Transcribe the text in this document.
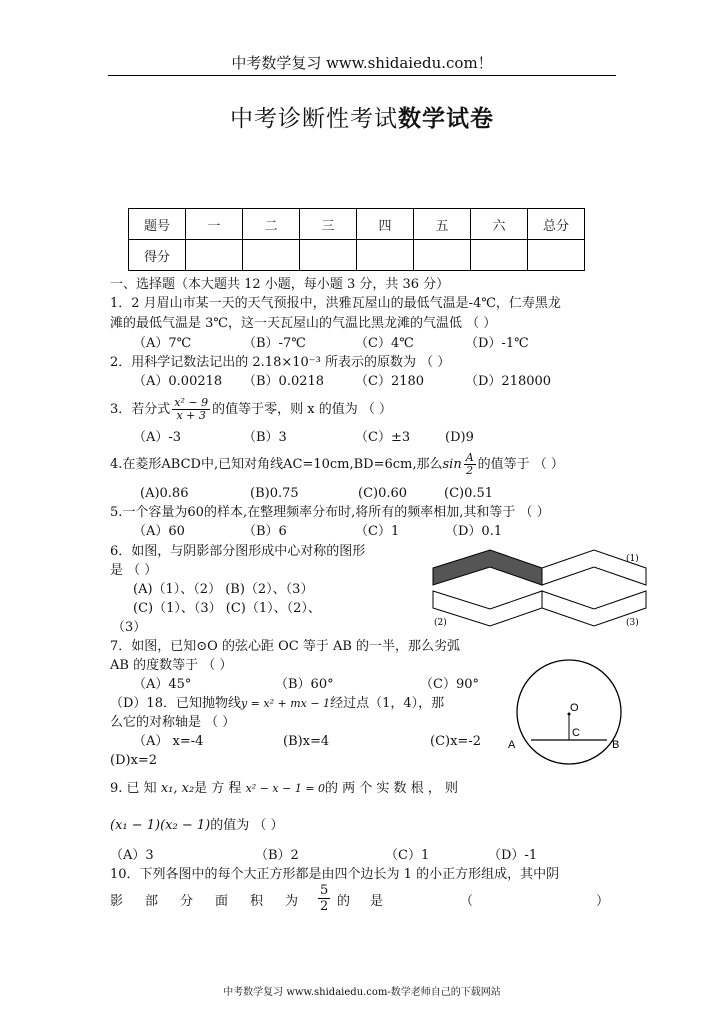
中考数学复习 www.shidaiedu.com！
中考诊断性考试数学试卷
题号	一	二	三	四	五	六	总分
得分							
一、选择题（本大题共 12 小题，每小题 3 分，共 36 分）
1．2 月眉山市某一天的天气预报中，洪雅瓦屋山的最低气温是-4℃，仁寿黑龙
滩的最低气温是 3℃，这一天瓦屋山的气温比黑龙滩的气温低 （ ）
（A）7℃	（B）-7℃	（C）4℃	（D）-1℃
2．用科学记数法记出的 2.18×10⁻³ 所表示的原数为 （ ）
（A）0.00218 （B）0.0218 （C）2180	（D）218000
3．若分式 $\frac{\text{x² − 9}}{x + 3}$ 的值等于零，则 x 的值为 （ ）
（A）-3	（B）3	（C）±3	(D)9
4.在菱形ABCD中,已知对角线AC=10cm,BD=6cm,那么$\sin \frac{A}{2}$ 的值等于 （ ）
(A)0.86	(B)0.75	(C)0.60	(C)0.51
5.一个容量为60的样本,在整理频率分布时,将所有的频率相加,其和等于 （ ）
（A）60	（B）6	（C）1	（D）0.1
6．如图，与阴影部分图形成中心对称的图形
是 （ ）
(A)（1）、（2） (B)（2）、（3）
(C)（1）、（3） (C)（1）、（2）、
（3）
(1)
(2)	(3)
7．如图，已知⊙O 的弦心距 OC 等于 AB 的一半，那么劣弧
AB 的度数等于 （ ）
（A）45°	（B）60°	（C）90°
O
C
A	B
（D）18．已知抛物线y = x² + mx − 1经过点（1，4），那
么它的对称轴是 （ ）
（A） x=-4	(B)x=4	(C)x=-2
(D)x=2
9. 已 知 x₁, x₂是 方 程 x² − x − 1 = 0的 两 个 实 数 根 ， 则
(x₁ − 1)(x₂ − 1)的值为 （ ）
（A）3	（B）2	（C）1	（D）-1
10．下列各图中的每个大正方形都是由四个边长为 1 的小正方形组成，其中阴
影 部 分 面 积 为 $\frac{5}{2}$ 的 是	（	）
中考数学复习 www.shidaiedu.com-数学老师自己的下载网站
